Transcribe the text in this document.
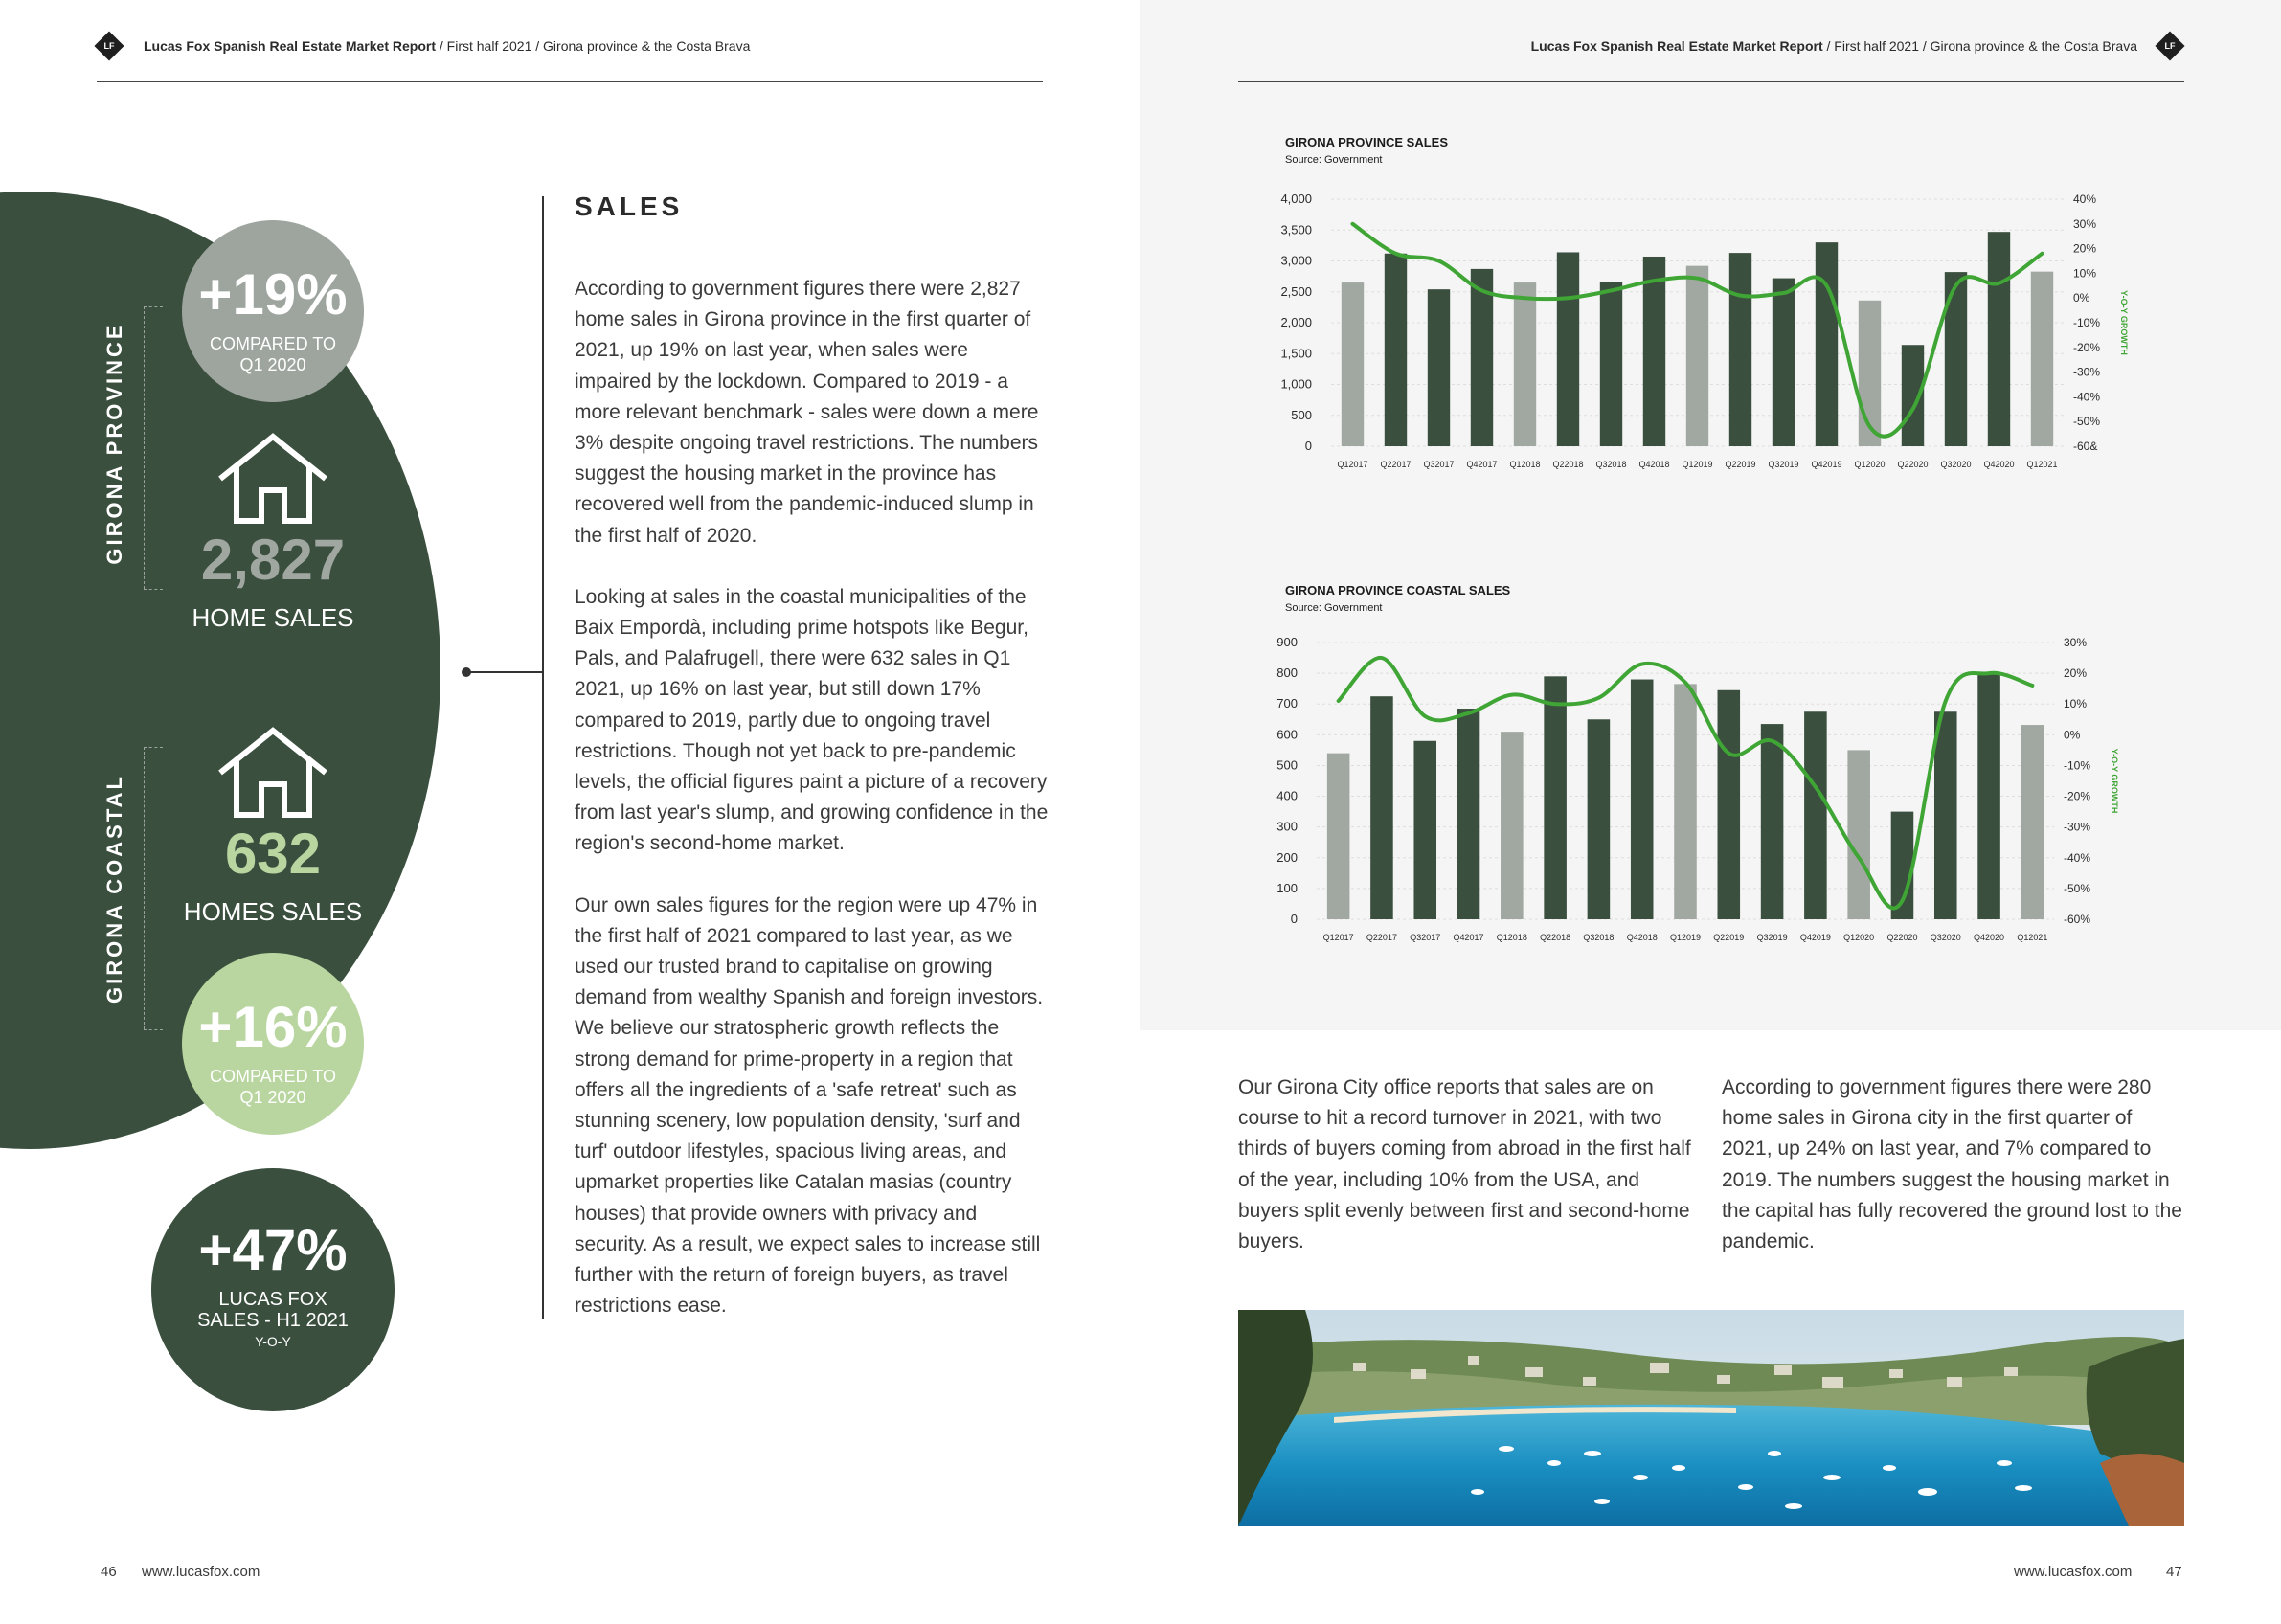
LF	Lucas Fox Spanish Real Estate Market Report / First half 2021 / Girona province & the Costa Brava	Lucas Fox Spanish Real Estate Market Report / First half 2021 / Girona province & the Costa Brava	LF
GIRONA PROVINCE
GIRONA COASTAL
+19%
COMPARED TO
Q1 2020
2,827
HOME SALES
632
HOMES SALES
+16%
COMPARED TO
Q1 2020
+47%
LUCAS FOX
SALES - H1 2021
Y-O-Y
SALES

According to government figures there were 2,827 home sales in Girona province in the first quarter of 2021, up 19% on last year, when sales were impaired by the lockdown. Compared to 2019 - a more relevant benchmark - sales were down a mere 3% despite ongoing travel restrictions. The numbers suggest the housing market in the province has recovered well from the pandemic-induced slump in the first half of 2020.

Looking at sales in the coastal municipalities of the Baix Empordà, including prime hotspots like Begur, Pals, and Palafrugell, there were 632 sales in Q1 2021, up 16% on last year, but still down 17% compared to 2019, partly due to ongoing travel restrictions. Though not yet back to pre-pandemic levels, the official figures paint a picture of a recovery from last year's slump, and growing confidence in the region's second-home market.

Our own sales figures for the region were up 47% in the first half of 2021 compared to last year, as we used our trusted brand to capitalise on growing demand from wealthy Spanish and foreign investors. We believe our stratospheric growth reflects the strong demand for prime-property in a region that offers all the ingredients of a 'safe retreat' such as stunning scenery, low population density, 'surf and turf' outdoor lifestyles, spacious living areas, and upmarket properties like Catalan masias (country houses) that provide owners with privacy and security. As a result, we expect sales to increase still further with the return of foreign buyers, as travel restrictions ease.

GIRONA PROVINCE SALES
Source: Government
0
500
1,000
1,500
2,000
2,500
3,000
3,500
4,000
-60&
-50%
-40%
-30%
-20%
-10%
0%
10%
20%
30%
40%
Y-O-Y GROWTH
Q12017 Q22017 Q32017 Q42017 Q12018 Q22018 Q32018 Q42018 Q12019 Q22019 Q32019 Q42019 Q12020 Q22020 Q32020 Q42020 Q12021
GIRONA PROVINCE COASTAL SALES
Source: Government
0
100
200
300
400
500
600
700
800
900
-60%
-50%
-40%
-30%
-20%
-10%
0%
10%
20%
30%
Y-O-Y GROWTH
Q12017 Q22017 Q32017 Q42017 Q12018 Q22018 Q32018 Q42018 Q12019 Q22019 Q32019 Q42019 Q12020 Q22020 Q32020 Q42020 Q12021
Our Girona City office reports that sales are on course to hit a record turnover in 2021, with two thirds of buyers coming from abroad in the first half of the year, including 10% from the USA, and buyers split evenly between first and second-home buyers.
According to government figures there were 280 home sales in Girona city in the first quarter of 2021, up 24% on last year, and 7% compared to 2019. The numbers suggest the housing market in the capital has fully recovered the ground lost to the pandemic.
46 www.lucasfox.com	www.lucasfox.com 47
